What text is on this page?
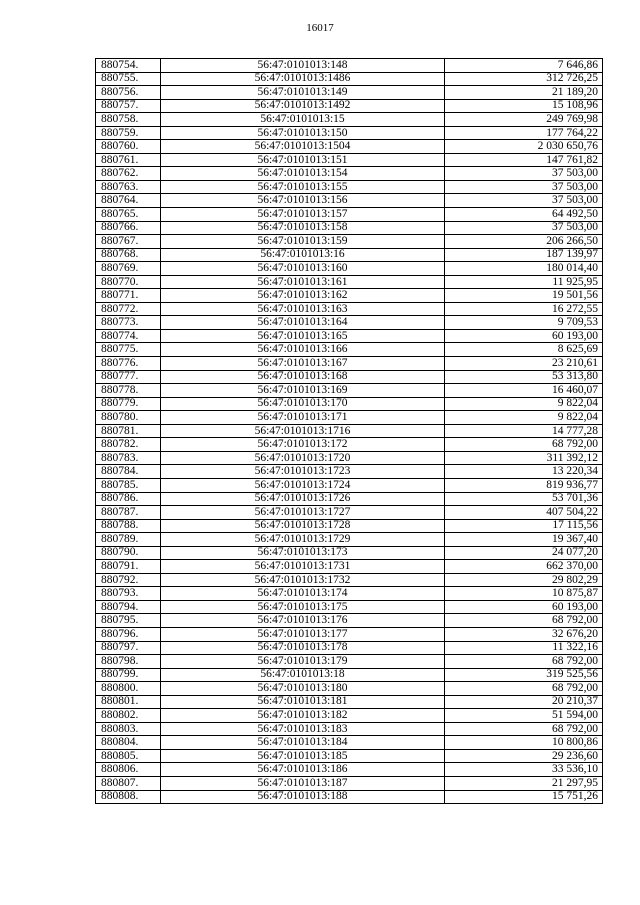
16017
880754.	56:47:0101013:148	7 646,86
880755.	56:47:0101013:1486	312 726,25
880756.	56:47:0101013:149	21 189,20
880757.	56:47:0101013:1492	15 108,96
880758.	56:47:0101013:15	249 769,98
880759.	56:47:0101013:150	177 764,22
880760.	56:47:0101013:1504	2 030 650,76
880761.	56:47:0101013:151	147 761,82
880762.	56:47:0101013:154	37 503,00
880763.	56:47:0101013:155	37 503,00
880764.	56:47:0101013:156	37 503,00
880765.	56:47:0101013:157	64 492,50
880766.	56:47:0101013:158	37 503,00
880767.	56:47:0101013:159	206 266,50
880768.	56:47:0101013:16	187 139,97
880769.	56:47:0101013:160	180 014,40
880770.	56:47:0101013:161	11 925,95
880771.	56:47:0101013:162	19 501,56
880772.	56:47:0101013:163	16 272,55
880773.	56:47:0101013:164	9 709,53
880774.	56:47:0101013:165	60 193,00
880775.	56:47:0101013:166	8 625,69
880776.	56:47:0101013:167	23 210,61
880777.	56:47:0101013:168	53 313,80
880778.	56:47:0101013:169	16 460,07
880779.	56:47:0101013:170	9 822,04
880780.	56:47:0101013:171	9 822,04
880781.	56:47:0101013:1716	14 777,28
880782.	56:47:0101013:172	68 792,00
880783.	56:47:0101013:1720	311 392,12
880784.	56:47:0101013:1723	13 220,34
880785.	56:47:0101013:1724	819 936,77
880786.	56:47:0101013:1726	53 701,36
880787.	56:47:0101013:1727	407 504,22
880788.	56:47:0101013:1728	17 115,56
880789.	56:47:0101013:1729	19 367,40
880790.	56:47:0101013:173	24 077,20
880791.	56:47:0101013:1731	662 370,00
880792.	56:47:0101013:1732	29 802,29
880793.	56:47:0101013:174	10 875,87
880794.	56:47:0101013:175	60 193,00
880795.	56:47:0101013:176	68 792,00
880796.	56:47:0101013:177	32 676,20
880797.	56:47:0101013:178	11 322,16
880798.	56:47:0101013:179	68 792,00
880799.	56:47:0101013:18	319 525,56
880800.	56:47:0101013:180	68 792,00
880801.	56:47:0101013:181	20 210,37
880802.	56:47:0101013:182	51 594,00
880803.	56:47:0101013:183	68 792,00
880804.	56:47:0101013:184	10 800,86
880805.	56:47:0101013:185	29 236,60
880806.	56:47:0101013:186	33 536,10
880807.	56:47:0101013:187	21 297,95
880808.	56:47:0101013:188	15 751,26
